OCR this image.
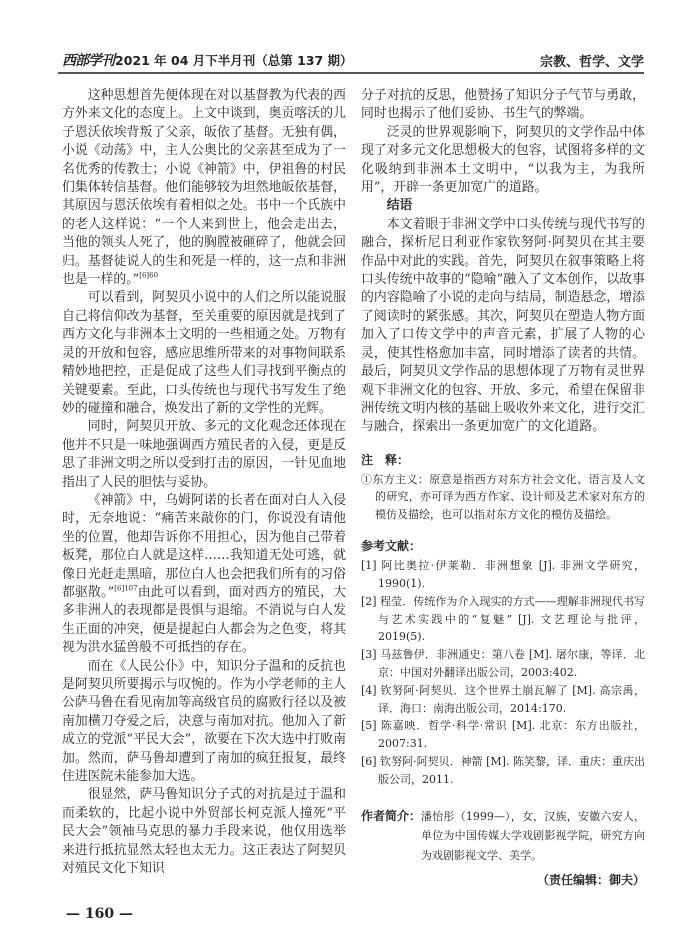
西部学刊2021 年 04 月下半月刊（总第 137 期）	宗教、哲学、文学

这种思想首先便体现在对以基督教为代表的西方外来文化的态度上。上文中谈到，奥贡喀沃的儿子恩沃依埃背叛了父亲，皈依了基督。无独有偶，小说《动荡》中，主人公奥比的父亲甚至成为了一名优秀的传教士；小说《神箭》中，伊祖鲁的村民们集体转信基督。他们能够较为坦然地皈依基督，其原因与恩沃依埃有着相似之处。书中一个氏族中的老人这样说：“一个人来到世上，他会走出去，当他的领头人死了，他的胸膛被砸碎了，他就会回归。基督徒说人的生和死是一样的，这一点和非洲也是一样的。”$^{[6]60}$

可以看到，阿契贝小说中的人们之所以能说服自己将信仰改为基督，至关重要的原因就是找到了西方文化与非洲本土文明的一些相通之处。万物有灵的开放和包容，感应思维所带来的对事物间联系精妙地把控，正是促成了这些人们寻找到平衡点的关键要素。至此，口头传统也与现代书写发生了绝妙的碰撞和融合，焕发出了新的文学性的光辉。

同时，阿契贝开放、多元的文化观念还体现在他并不只是一味地强调西方殖民者的入侵，更是反思了非洲文明之所以受到打击的原因，一针见血地指出了人民的胆怯与妥协。

《神箭》中，乌姆阿诺的长者在面对白人入侵时，无奈地说：“痛苦来敲你的门，你说没有请他坐的位置，他却告诉你不用担心，因为他自己带着板凳，那位白人就是这样……我知道无处可逃，就像日光赶走黑暗，那位白人也会把我们所有的习俗都驱散。”$^{[6]107}$由此可以看到，面对西方的殖民，大多非洲人的表现都是畏惧与退缩。不消说与白人发生正面的冲突，便是提起白人都会为之色变，将其视为洪水猛兽般不可抵挡的存在。

而在《人民公仆》中，知识分子温和的反抗也是阿契贝所要揭示与叹惋的。作为小学老师的主人公萨马鲁在看见南加等高级官员的腐败行径以及被南加横刀夺爱之后，决意与南加对抗。他加入了新成立的党派“平民大会”，欲要在下次大选中打败南加。然而，萨马鲁却遭到了南加的疯狂报复，最终住进医院未能参加大选。

很显然，萨马鲁知识分子式的对抗是过于温和而柔软的，比起小说中外贸部长柯克派人撞死“平民大会”领袖马克思的暴力手段来说，他仅用选举来进行抵抗显然太轻也太无力。这正表达了阿契贝对殖民文化下知识

分子对抗的反思，他赞扬了知识分子气节与勇敢，同时也揭示了他们妥协、书生气的弊端。

泛灵的世界观影响下，阿契贝的文学作品中体现了对多元文化思想极大的包容，试图将多样的文化吸纳到非洲本土文明中，“以我为主，为我所用”，开辟一条更加宽广的道路。

结语

本文着眼于非洲文学中口头传统与现代书写的融合，探析尼日利亚作家钦努阿·阿契贝在其主要作品中对此的实践。首先，阿契贝在叙事策略上将口头传统中故事的“隐喻”融入了文本创作，以故事的内容隐喻了小说的走向与结局，制造悬念，增添了阅读时的紧张感。其次，阿契贝在塑造人物方面加入了口传文学中的声音元素，扩展了人物的心灵，使其性格愈加丰富，同时增添了读者的共情。最后，阿契贝文学作品的思想体现了万物有灵世界观下非洲文化的包容、开放、多元，希望在保留非洲传统文明内核的基础上吸收外来文化，进行交汇与融合，探索出一条更加宽广的文化道路。

注　释：
①东方主义：原意是指西方对东方社会文化、语言及人文的研究，亦可译为西方作家、设计师及艺术家对东方的模仿及描绘，也可以指对东方文化的模仿及描绘。
参考文献：
[1] 阿比奥拉·伊莱勒．非洲想象 [J]. 非洲文学研究，1990(1).
[2] 程莹．传统作为介入现实的方式——理解非洲现代书写与艺术实践中的“复魅” [J]. 文艺理论与批评，2019(5).
[3] 马兹鲁伊．非洲通史：第八卷 [M]. 屠尔康，等译．北京：中国对外翻译出版公司，2003:402.
[4] 钦努阿·阿契贝．这个世界土崩瓦解了 [M]. 高宗禹，译．海口：南海出版公司，2014:170.
[5] 陈嘉映．哲学·科学·常识 [M]. 北京：东方出版社，2007:31.
[6] 钦努阿·阿契贝．神箭 [M]. 陈笑黎，译．重庆：重庆出版公司，2011.
作者简介： 潘怡彤（1999—），女，汉族，安徽六安人，单位为中国传媒大学戏剧影视学院，研究方向为戏剧影视文学、美学。
（责任编辑：御夫）
— 160 —
